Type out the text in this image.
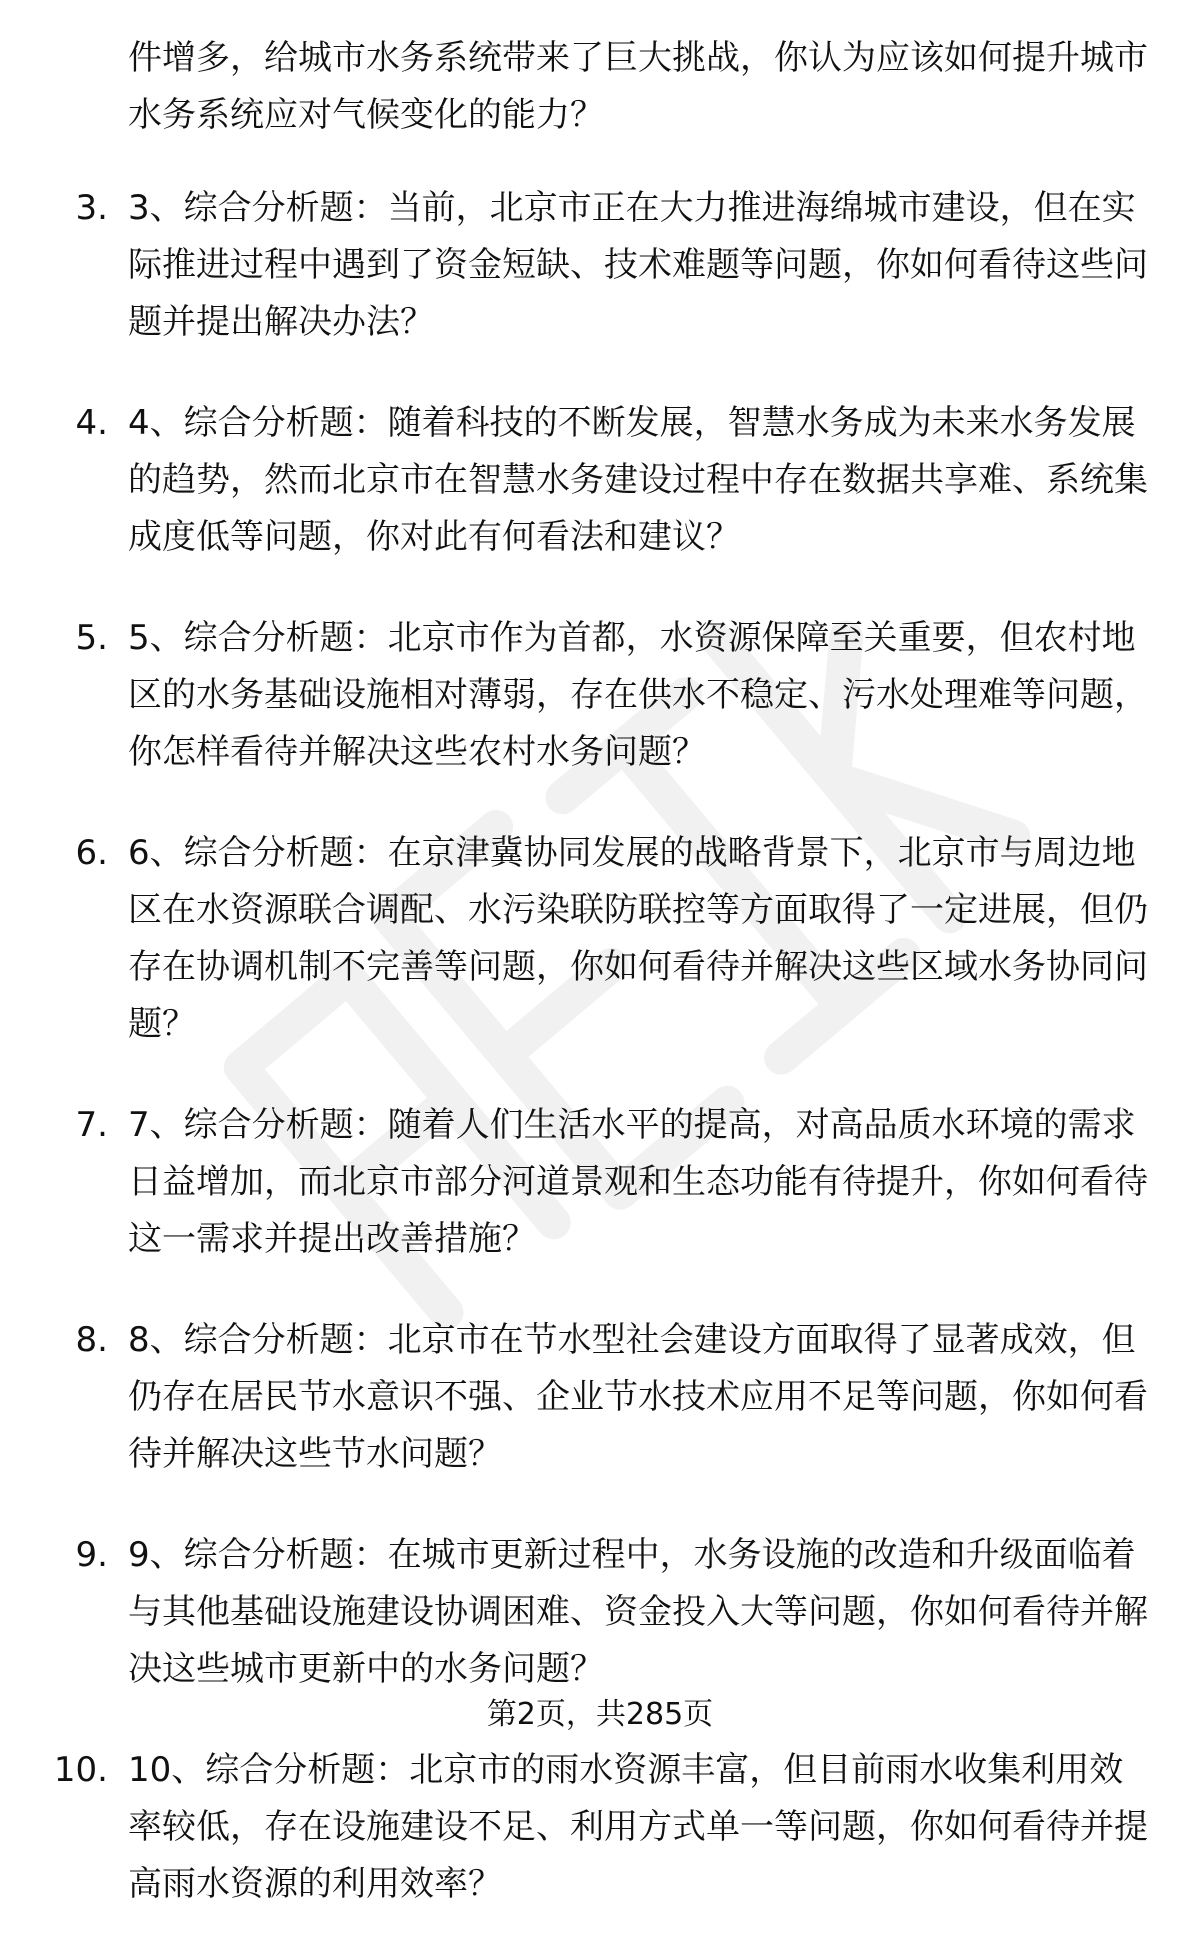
件增多，给城市水务系统带来了巨大挑战，你认为应该如何提升城市水务系统应对气候变化的能力？

3. 3、综合分析题：当前，北京市正在大力推进海绵城市建设，但在实际推进过程中遇到了资金短缺、技术难题等问题，你如何看待这些问题并提出解决办法？
4. 4、综合分析题：随着科技的不断发展，智慧水务成为未来水务发展的趋势，然而北京市在智慧水务建设过程中存在数据共享难、系统集成度低等问题，你对此有何看法和建议？
5. 5、综合分析题：北京市作为首都，水资源保障至关重要，但农村地区的水务基础设施相对薄弱，存在供水不稳定、污水处理难等问题，你怎样看待并解决这些农村水务问题？
6. 6、综合分析题：在京津冀协同发展的战略背景下，北京市与周边地区在水资源联合调配、水污染联防联控等方面取得了一定进展，但仍存在协调机制不完善等问题，你如何看待并解决这些区域水务协同问题？
7. 7、综合分析题：随着人们生活水平的提高，对高品质水环境的需求日益增加，而北京市部分河道景观和生态功能有待提升，你如何看待这一需求并提出改善措施？
8. 8、综合分析题：北京市在节水型社会建设方面取得了显著成效，但仍存在居民节水意识不强、企业节水技术应用不足等问题，你如何看待并解决这些节水问题？
9. 9、综合分析题：在城市更新过程中，水务设施的改造和升级面临着与其他基础设施建设协调困难、资金投入大等问题，你如何看待并解决这些城市更新中的水务问题？
10. 10、综合分析题：北京市的雨水资源丰富，但目前雨水收集利用效率较低，存在设施建设不足、利用方式单一等问题，你如何看待并提高雨水资源的利用效率？
第2页，共285页
